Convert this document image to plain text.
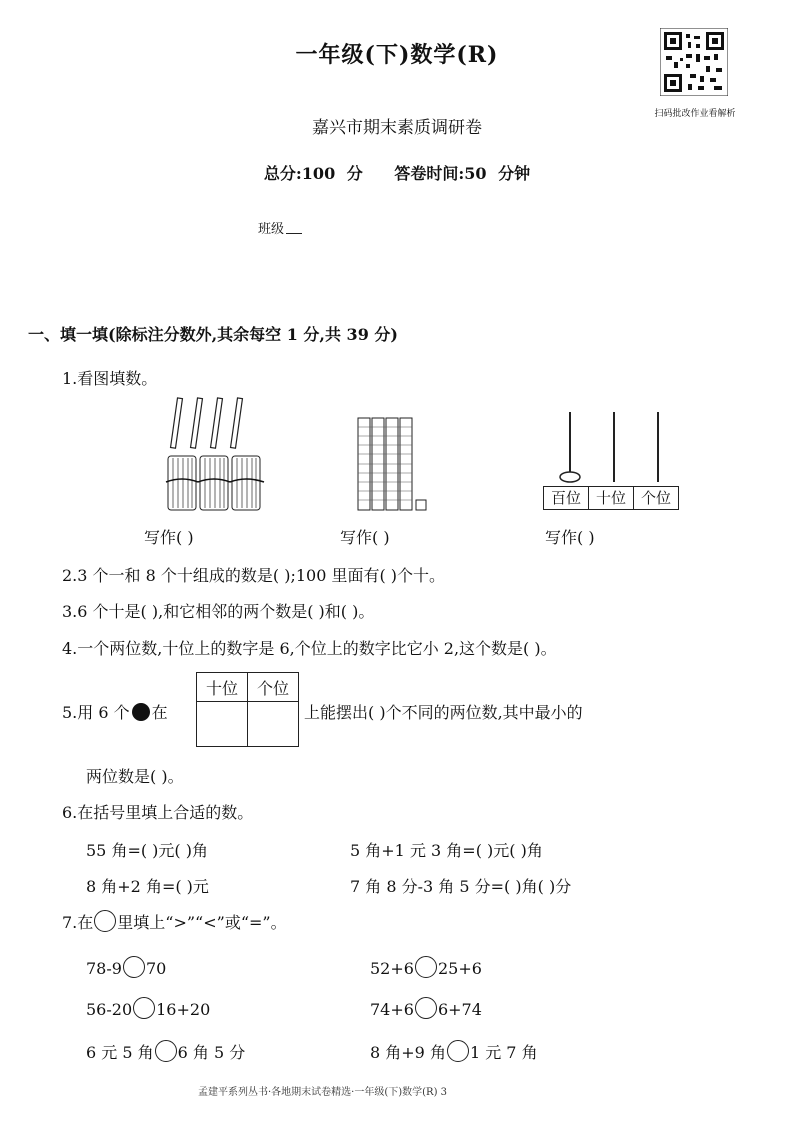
一年级(下)数学(R)
嘉兴市期末素质调研卷
总分:100 分 答卷时间:50 分钟
班级
扫码批改作业看解析
一、填一填(除标注分数外,其余每空 1 分,共 39 分)
1.看图填数。
写作( )	写作( )
百位 十位 个位
写作( )
2.3 个一和 8 个十组成的数是( );100 里面有( )个十。
3.6 个十是( ),和它相邻的两个数是( )和( )。
4.一个两位数,十位上的数字是 6,个位上的数字比它小 2,这个数是( )。
5.用 6 个 在
十位	个位

上能摆出( )个不同的两位数,其中最小的
两位数是( )。
6.在括号里填上合适的数。
55 角=( )元( )角	5 角+1 元 3 角=( )元( )角
8 角+2 角=( )元	7 角 8 分-3 角 5 分=( )角( )分
7.在 里填上“>”“<”或“=”。
78-9 70	52+6 25+6
56-20 16+20	74+6 6+74
6 元 5 角 6 角 5 分	8 角+9 角 1 元 7 角
孟建平系列丛书·各地期末试卷精选·一年级(下)数学(R) 3
